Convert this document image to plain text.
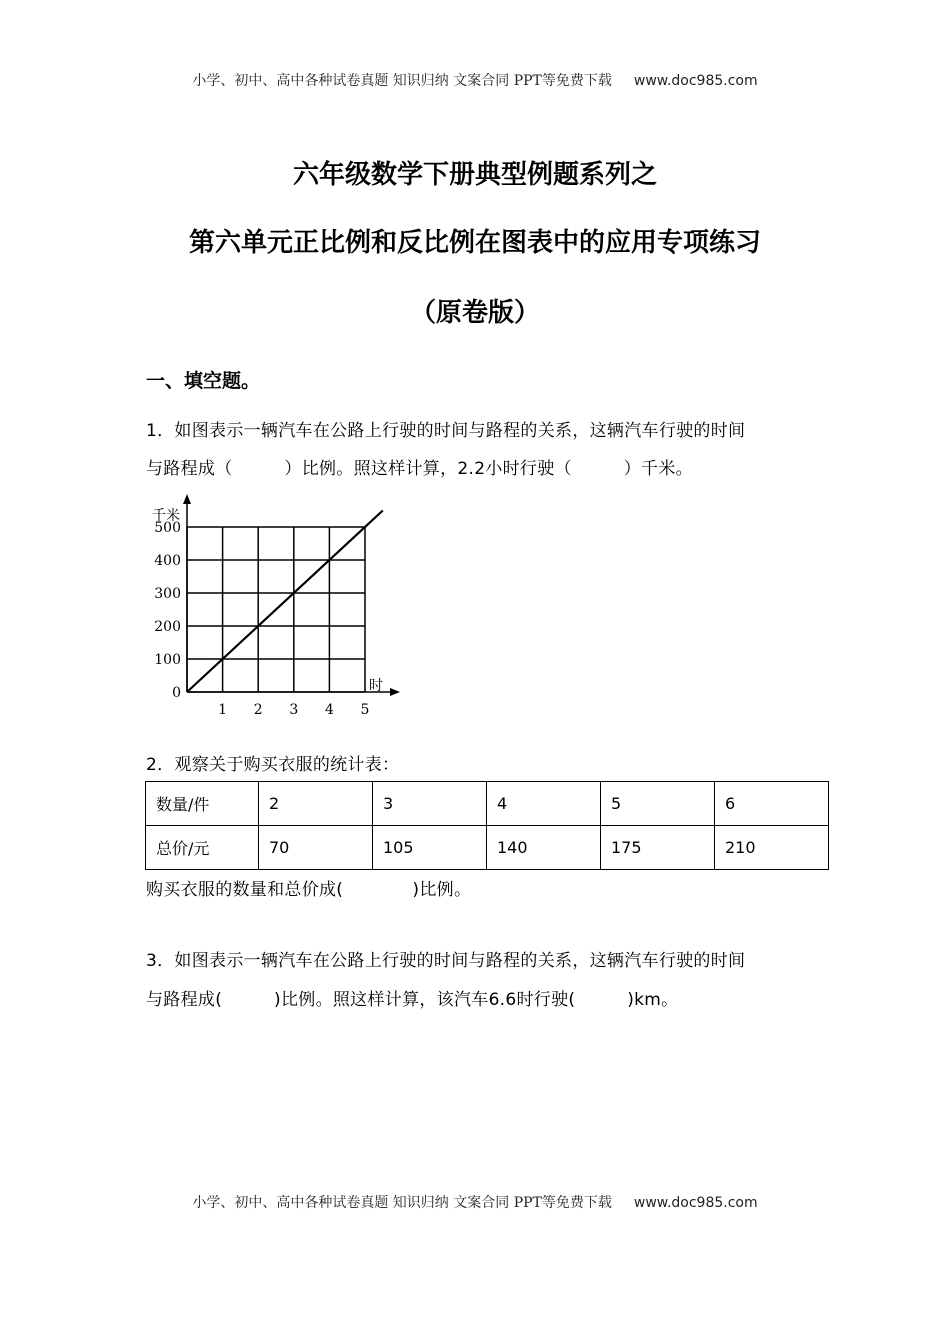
小学、初中、高中各种试卷真题 知识归纳 文案合同 PPT等免费下载 www.doc985.com
六年级数学下册典型例题系列之
第六单元正比例和反比例在图表中的应用专项练习
（原卷版）
一、填空题。
1．如图表示一辆汽车在公路上行驶的时间与路程的关系，这辆汽车行驶的时间
与路程成（　　　）比例。照这样计算，2.2小时行驶（　　　）千米。
0
100
200
300
400
500
1 2 3 4 5
千米
时
2．观察关于购买衣服的统计表：
数量/件	2	3	4	5	6
总价/元	70	105	140	175	210
购买衣服的数量和总价成(　　　　)比例。
3．如图表示一辆汽车在公路上行驶的时间与路程的关系，这辆汽车行驶的时间
与路程成(　　　)比例。照这样计算，该汽车6.6时行驶(　　　)km。
小学、初中、高中各种试卷真题 知识归纳 文案合同 PPT等免费下载 www.doc985.com
